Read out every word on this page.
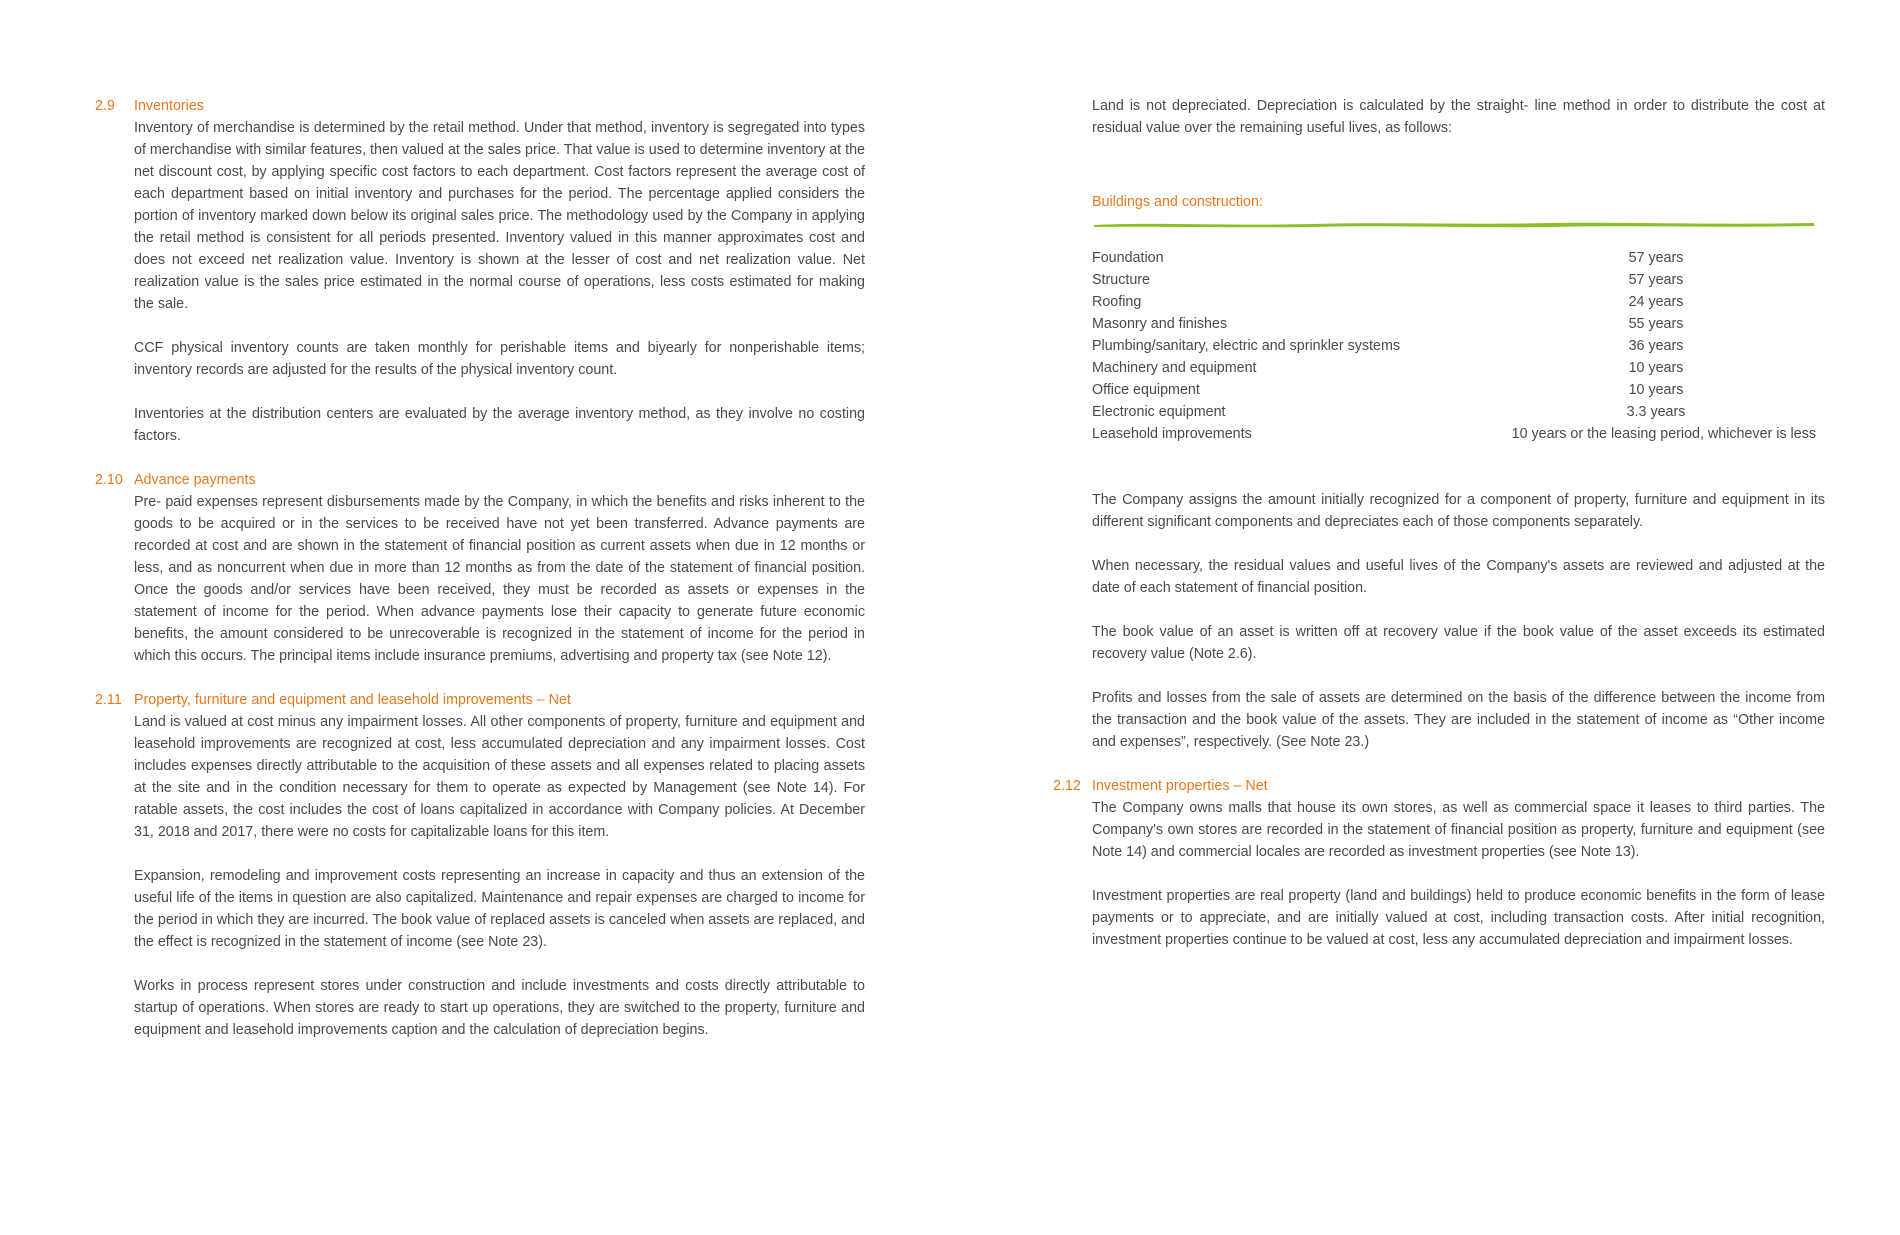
2.9 Inventories

Inventory of merchandise is determined by the retail method. Under that method, inventory is segregated into types of merchandise with similar features, then valued at the sales price. That value is used to determine inventory at the net discount cost, by applying specific cost factors to each department. Cost factors represent the average cost of each department based on initial inventory and purchases for the period. The percentage applied considers the portion of inventory marked down below its original sales price. The methodology used by the Company in applying the retail method is consistent for all periods presented. Inventory valued in this manner approximates cost and does not exceed net realization value. Inventory is shown at the lesser of cost and net realization value. Net realization value is the sales price estimated in the normal course of operations, less costs estimated for making the sale.

CCF physical inventory counts are taken monthly for perishable items and biyearly for nonperishable items; inventory records are adjusted for the results of the physical inventory count.

Inventories at the distribution centers are evaluated by the average inventory method, as they involve no costing factors.

2.10 Advance payments

Pre- paid expenses represent disbursements made by the Company, in which the benefits and risks inherent to the goods to be acquired or in the services to be received have not yet been transferred. Advance payments are recorded at cost and are shown in the statement of financial position as current assets when due in 12 months or less, and as noncurrent when due in more than 12 months as from the date of the statement of financial position. Once the goods and/or services have been received, they must be recorded as assets or expenses in the statement of income for the period. When advance payments lose their capacity to generate future economic benefits, the amount considered to be unrecoverable is recognized in the statement of income for the period in which this occurs. The principal items include insurance premiums, advertising and property tax (see Note 12).

2.11 Property, furniture and equipment and leasehold improvements – Net

Land is valued at cost minus any impairment losses. All other components of property, furniture and equipment and leasehold improvements are recognized at cost, less accumulated depreciation and any impairment losses. Cost includes expenses directly attributable to the acquisition of these assets and all expenses related to placing assets at the site and in the condition necessary for them to operate as expected by Management (see Note 14). For ratable assets, the cost includes the cost of loans capitalized in accordance with Company policies. At December 31, 2018 and 2017, there were no costs for capitalizable loans for this item.

Expansion, remodeling and improvement costs representing an increase in capacity and thus an extension of the useful life of the items in question are also capitalized. Maintenance and repair expenses are charged to income for the period in which they are incurred. The book value of replaced assets is canceled when assets are replaced, and the effect is recognized in the statement of income (see Note 23).

Works in process represent stores under construction and include investments and costs directly attributable to startup of operations. When stores are ready to start up operations, they are switched to the property, furniture and equipment and leasehold improvements caption and the calculation of depreciation begins.

Land is not depreciated. Depreciation is calculated by the straight- line method in order to distribute the cost at residual value over the remaining useful lives, as follows:

Buildings and construction:
Foundation	57 years
Structure	57 years
Roofing	24 years
Masonry and finishes	55 years
Plumbing/sanitary, electric and sprinkler systems	36 years
Machinery and equipment	10 years
Office equipment	10 years
Electronic equipment	3.3 years
Leasehold improvements	10 years or the leasing period, whichever is less

The Company assigns the amount initially recognized for a component of property, furniture and equipment in its different significant components and depreciates each of those components separately.

When necessary, the residual values and useful lives of the Company's assets are reviewed and adjusted at the date of each statement of financial position.

The book value of an asset is written off at recovery value if the book value of the asset exceeds its estimated recovery value (Note 2.6).

Profits and losses from the sale of assets are determined on the basis of the difference between the income from the transaction and the book value of the assets. They are included in the statement of income as “Other income and expenses”, respectively. (See Note 23.)

2.12 Investment properties – Net

The Company owns malls that house its own stores, as well as commercial space it leases to third parties. The Company's own stores are recorded in the statement of financial position as property, furniture and equipment (see Note 14) and commercial locales are recorded as investment properties (see Note 13).

Investment properties are real property (land and buildings) held to produce economic benefits in the form of lease payments or to appreciate, and are initially valued at cost, including transaction costs. After initial recognition, investment properties continue to be valued at cost, less any accumulated depreciation and impairment losses.
